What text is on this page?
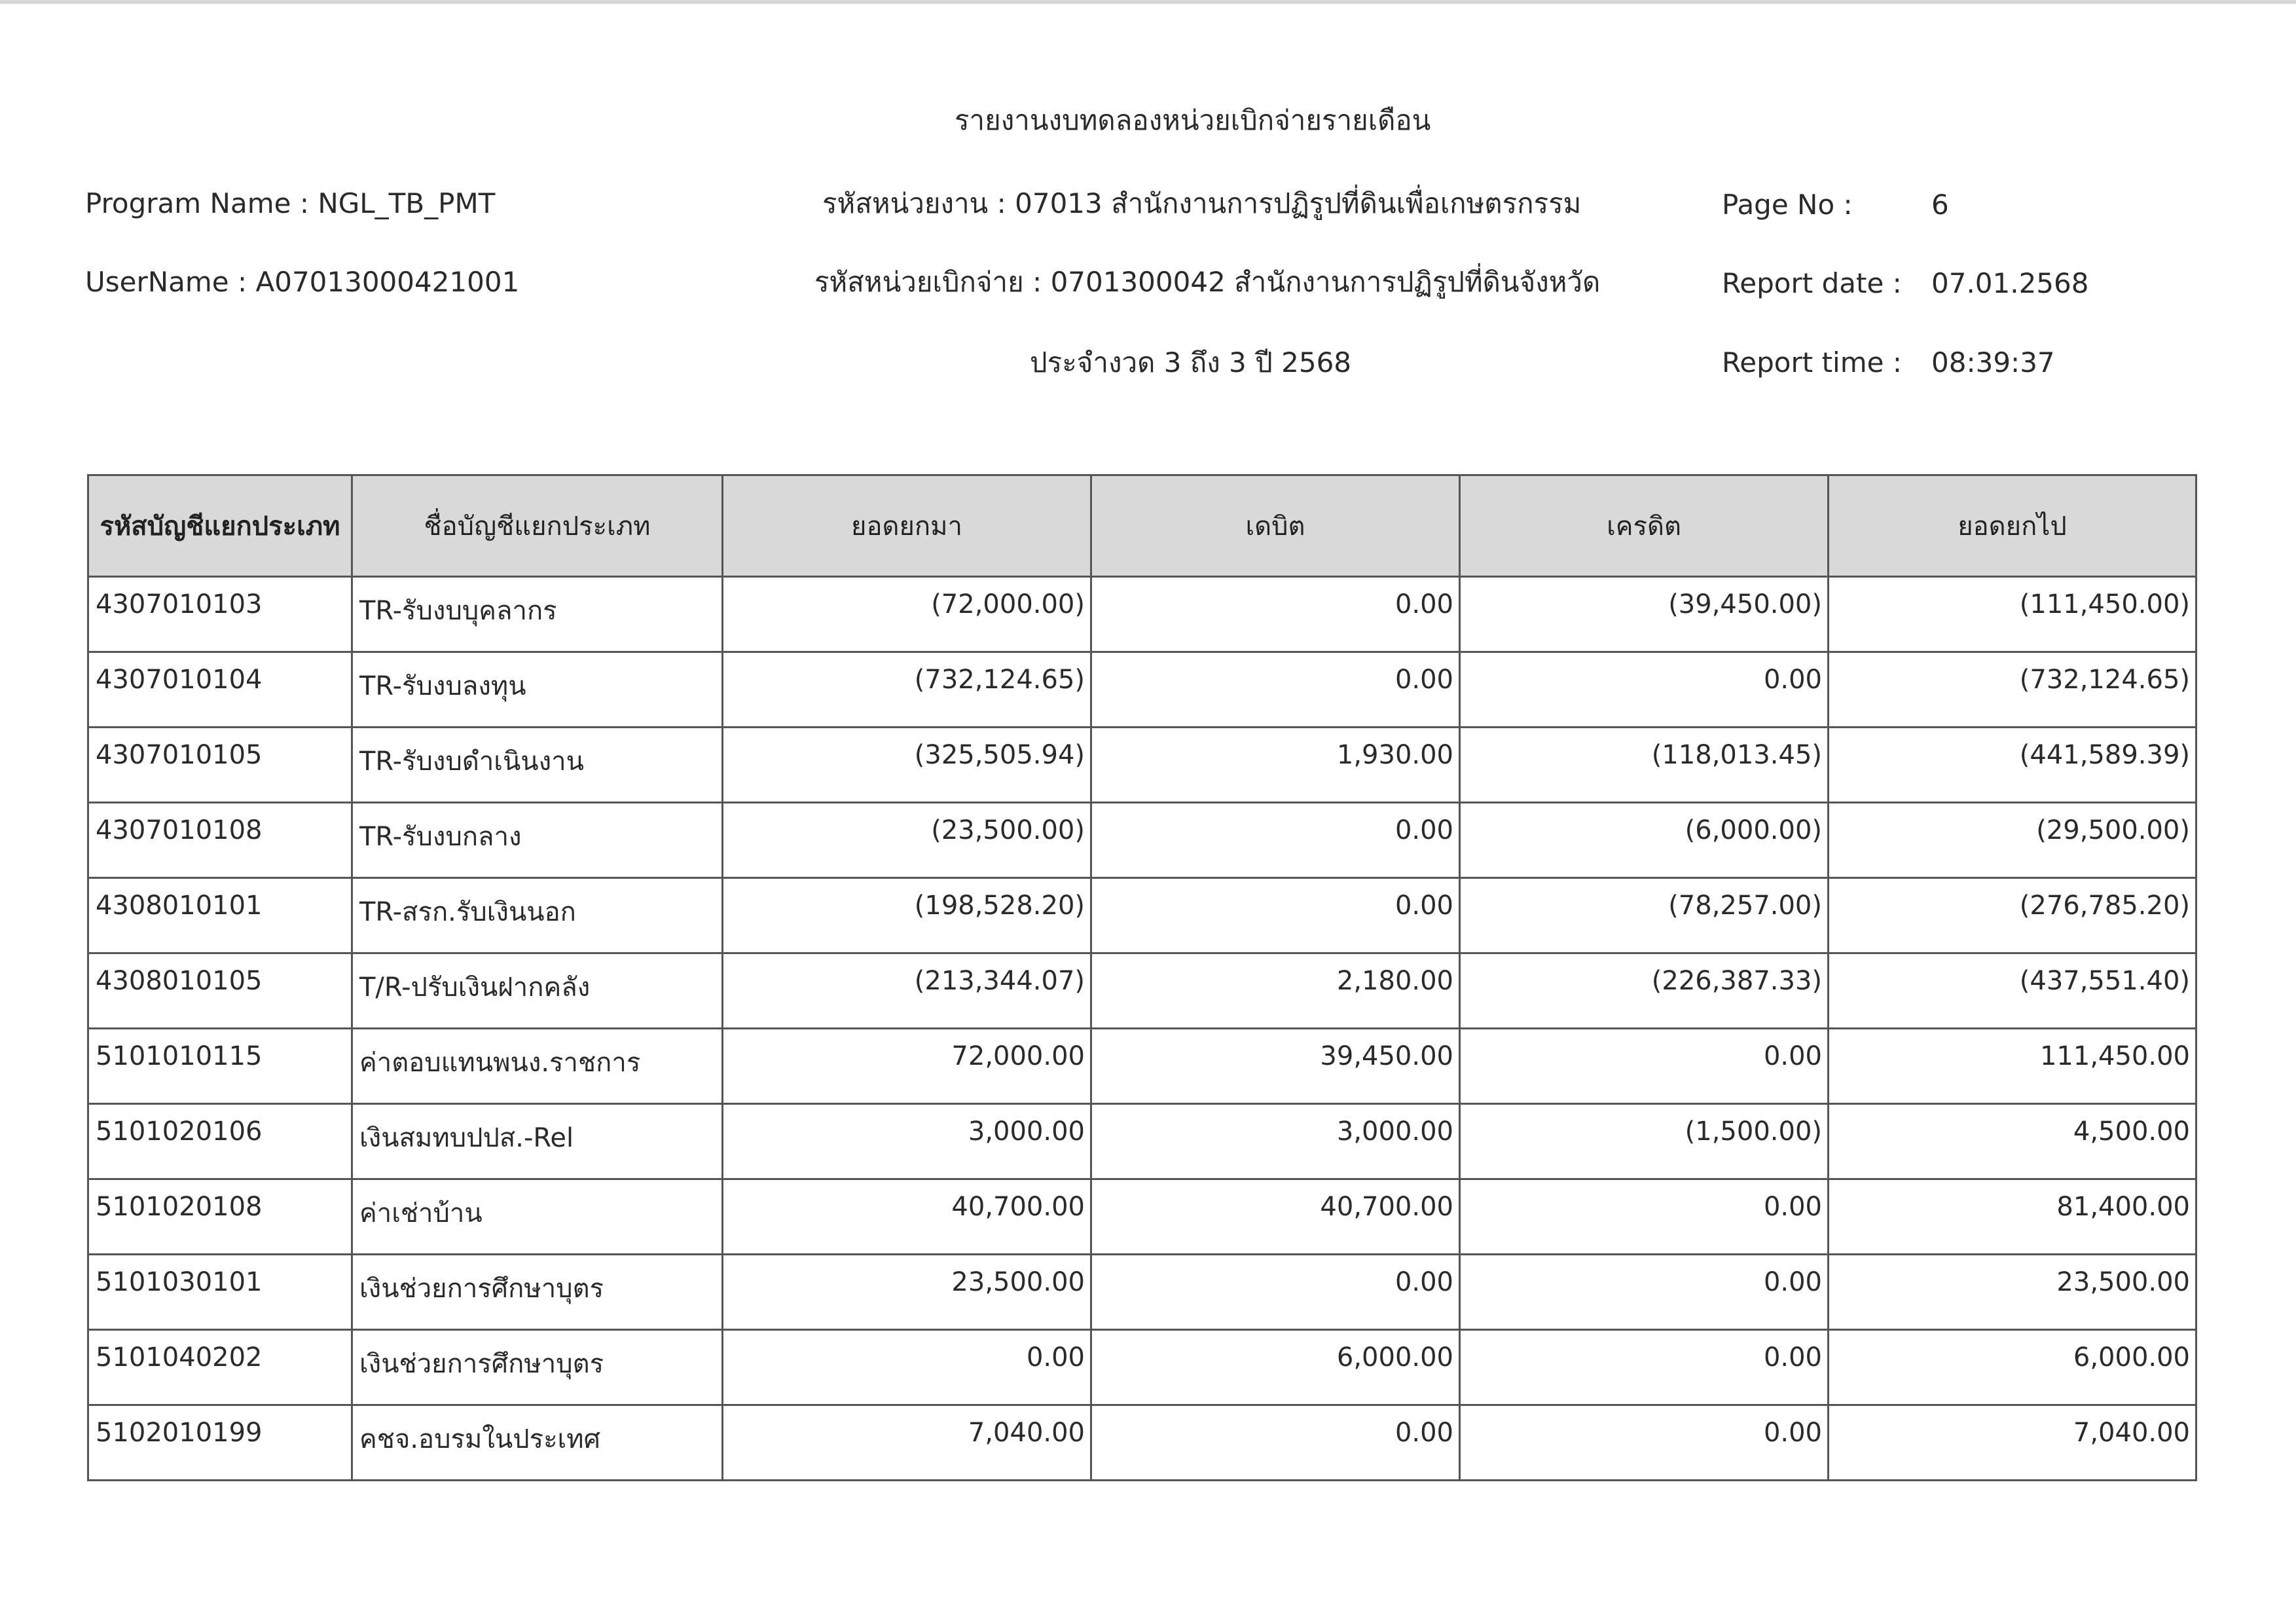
รายงานงบทดลองหน่วยเบิกจ่ายรายเดือน
Program Name : NGL_TB_PMT
UserName : A07013000421001
รหัสหน่วยงาน : 07013 สำนักงานการปฏิรูปที่ดินเพื่อเกษตรกรรม
รหัสหน่วยเบิกจ่าย : 0701300042 สำนักงานการปฏิรูปที่ดินจังหวัด
ประจำงวด 3 ถึง 3 ปี 2568
Page No :	6
Report date : 07.01.2568
Report time : 08:39:37
รหัสบัญชีแยกประเภท	ชื่อบัญชีแยกประเภท	ยอดยกมา	เดบิต	เครดิต	ยอดยกไป
4307010103	TR-รับงบบุคลากร	(72,000.00)	0.00	(39,450.00)	(111,450.00)
4307010104	TR-รับงบลงทุน	(732,124.65)	0.00	0.00	(732,124.65)
4307010105	TR-รับงบดำเนินงาน	(325,505.94)	1,930.00	(118,013.45)	(441,589.39)
4307010108	TR-รับงบกลาง	(23,500.00)	0.00	(6,000.00)	(29,500.00)
4308010101	TR-สรก.รับเงินนอก	(198,528.20)	0.00	(78,257.00)	(276,785.20)
4308010105	T/R-ปรับเงินฝากคลัง	(213,344.07)	2,180.00	(226,387.33)	(437,551.40)
5101010115	ค่าตอบแทนพนง.ราชการ	72,000.00	39,450.00	0.00	111,450.00
5101020106	เงินสมทบปปส.-Rel	3,000.00	3,000.00	(1,500.00)	4,500.00
5101020108	ค่าเช่าบ้าน	40,700.00	40,700.00	0.00	81,400.00
5101030101	เงินช่วยการศึกษาบุตร	23,500.00	0.00	0.00	23,500.00
5101040202	เงินช่วยการศึกษาบุตร	0.00	6,000.00	0.00	6,000.00
5102010199	คชจ.อบรมในประเทศ	7,040.00	0.00	0.00	7,040.00
